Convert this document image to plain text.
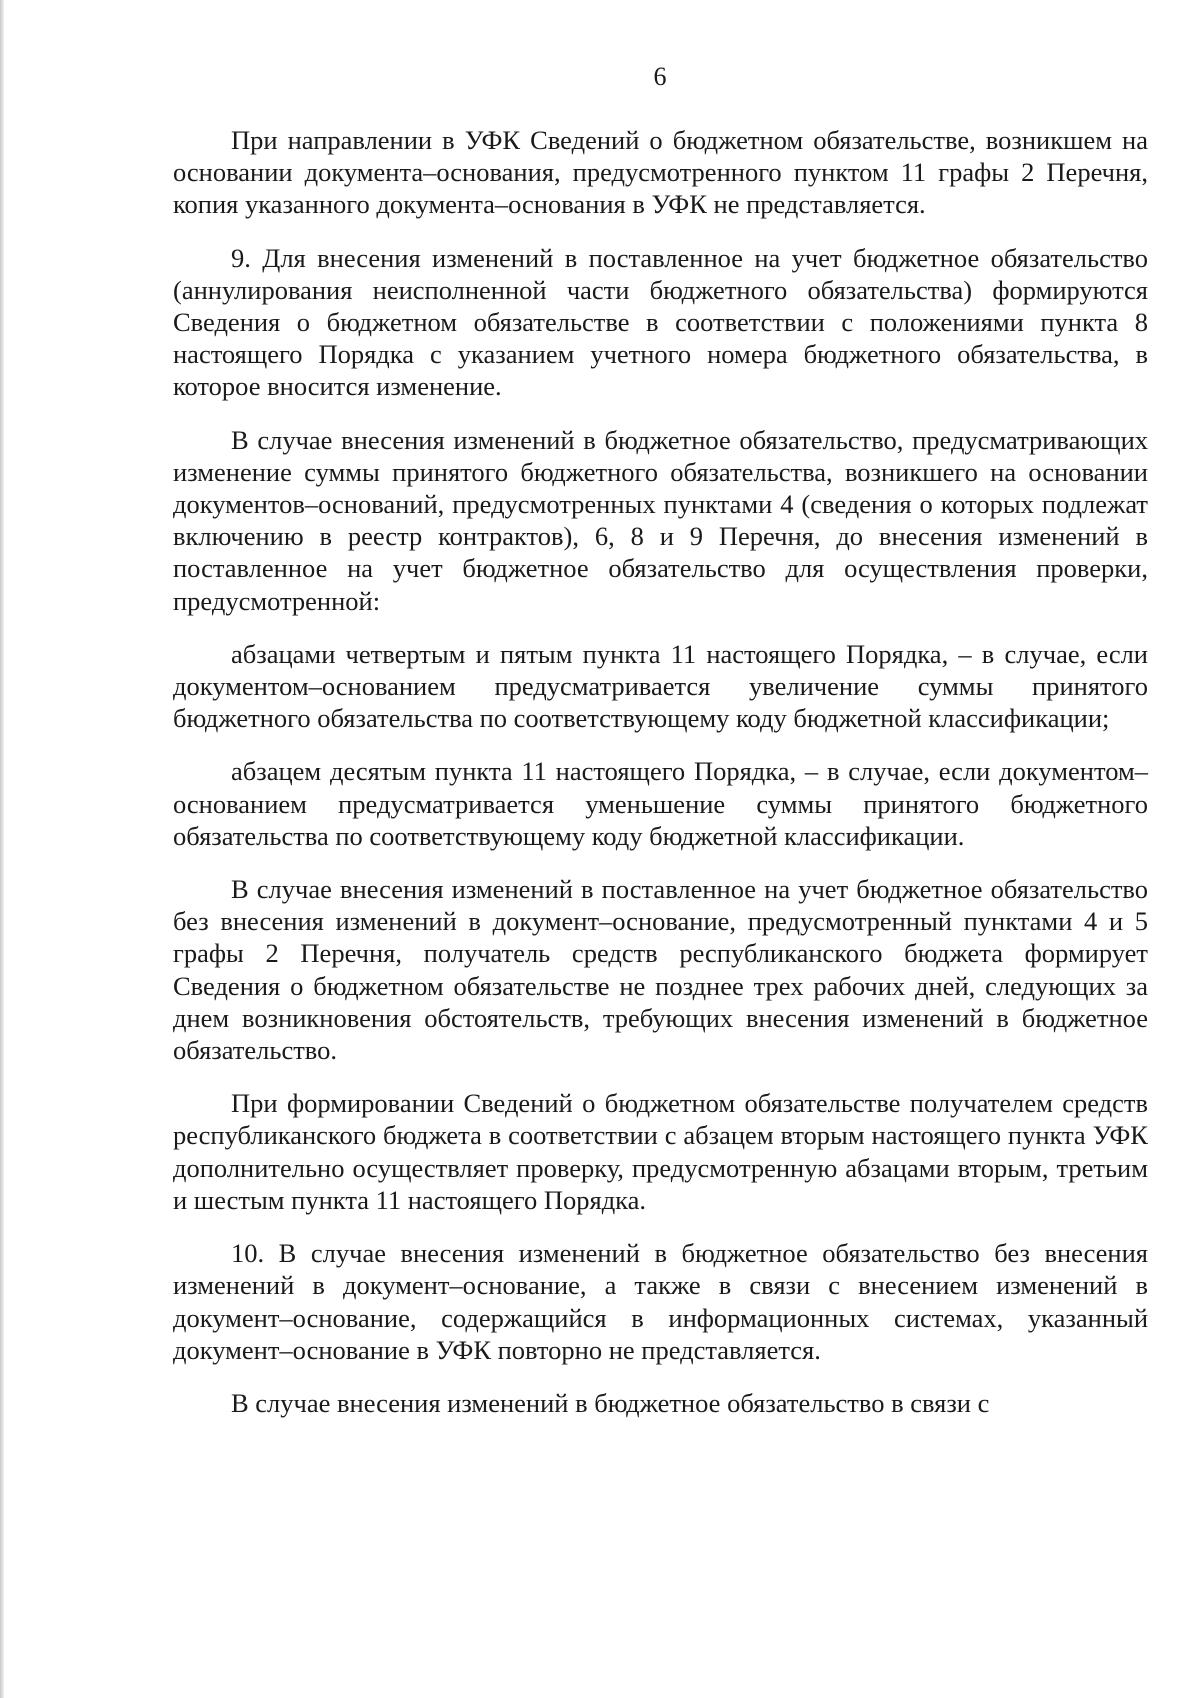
6

При направлении в УФК Сведений о бюджетном обязательстве, возникшем на основании документа–основания, предусмотренного пунктом 11 графы 2 Перечня, копия указанного документа–основания в УФК не представляется.

9. Для внесения изменений в поставленное на учет бюджетное обязательство (аннулирования неисполненной части бюджетного обязательства) формируются Сведения о бюджетном обязательстве в соответствии с положениями пункта 8 настоящего Порядка с указанием учетного номера бюджетного обязательства, в которое вносится изменение.

В случае внесения изменений в бюджетное обязательство, предусматривающих изменение суммы принятого бюджетного обязательства, возникшего на основании документов–оснований, предусмотренных пунктами 4 (сведения о которых подлежат включению в реестр контрактов), 6, 8 и 9 Перечня, до внесения изменений в поставленное на учет бюджетное обязательство для осуществления проверки, предусмотренной:

абзацами четвертым и пятым пункта 11 настоящего Порядка, – в случае, если документом–основанием предусматривается увеличение суммы принятого бюджетного обязательства по соответствующему коду бюджетной классификации;

абзацем десятым пункта 11 настоящего Порядка, – в случае, если документом–основанием предусматривается уменьшение суммы принятого бюджетного обязательства по соответствующему коду бюджетной классификации.

В случае внесения изменений в поставленное на учет бюджетное обязательство без внесения изменений в документ–основание, предусмотренный пунктами 4 и 5 графы 2 Перечня, получатель средств республиканского бюджета формирует Сведения о бюджетном обязательстве не позднее трех рабочих дней, следующих за днем возникновения обстоятельств, требующих внесения изменений в бюджетное обязательство.

При формировании Сведений о бюджетном обязательстве получателем средств республиканского бюджета в соответствии с абзацем вторым настоящего пункта УФК дополнительно осуществляет проверку, предусмотренную абзацами вторым, третьим и шестым пункта 11 настоящего Порядка.

10. В случае внесения изменений в бюджетное обязательство без внесения изменений в документ–основание, а также в связи с внесением изменений в документ–основание, содержащийся в информационных системах, указанный документ–основание в УФК повторно не представляется.

В случае внесения изменений в бюджетное обязательство в связи с
